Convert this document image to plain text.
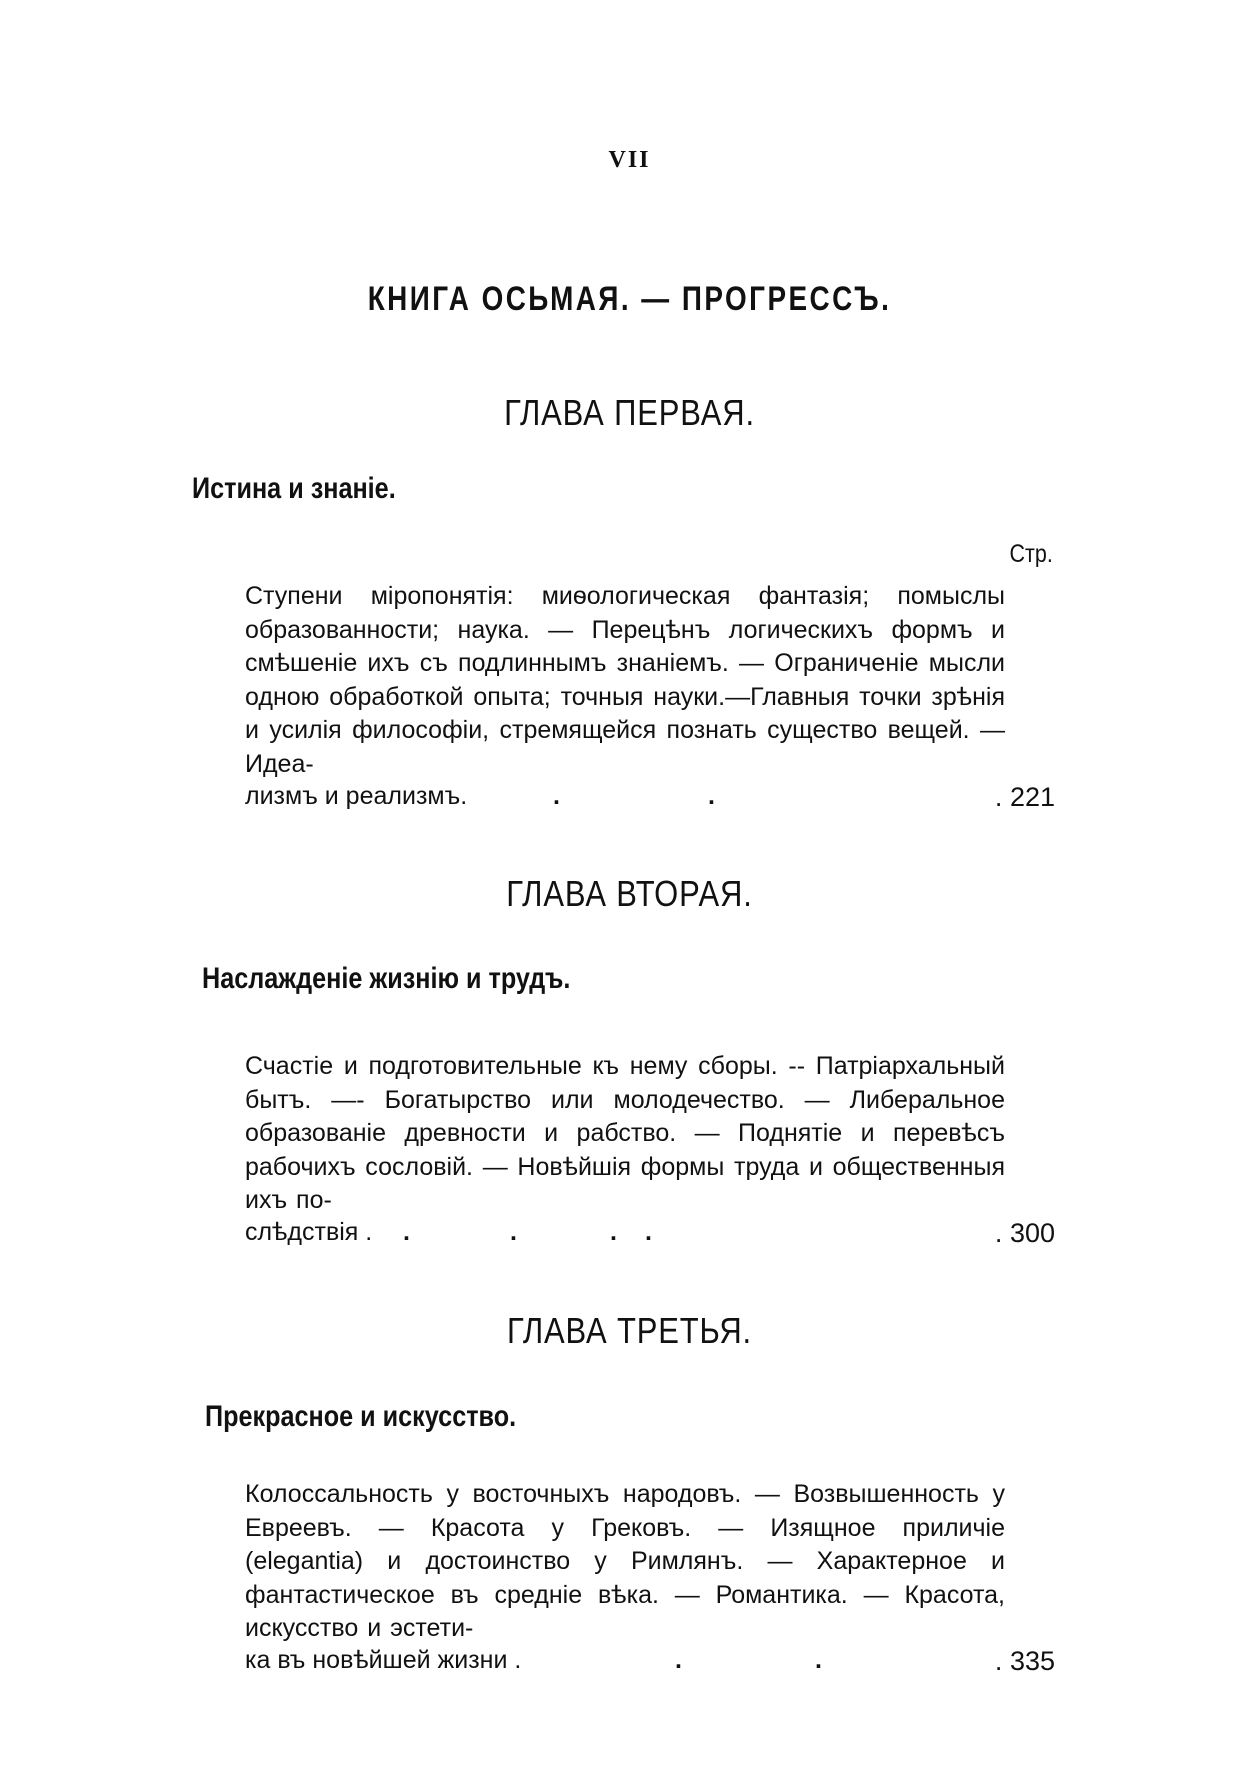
VII
КНИГА ОСЬМАЯ. — ПРОГРЕССЪ.
ГЛАВА ПЕРВАЯ.
Истина и знаніе.
Стр.
Ступени міропонятія: миѳологическая фантазія; помыслы образованности; наука. — Перецѣнъ логическихъ формъ и смѣшеніе ихъ съ подлиннымъ знаніемъ. — Ограниченіе мысли одною обработкой опыта; точныя науки.—Главныя точки зрѣнія и усилія философіи, стремящейся познать существо вещей. — Идеа-
лизмъ и реализмъ.	.	.	. 221
ГЛАВА ВТОРАЯ.
Наслажденіе жизнію и трудъ.
Счастіе и подготовительные къ нему сборы. -- Патріархальный бытъ. —- Богатырство или молодечество. — Либеральное образованіе древности и рабство. — Поднятіе и перевѣсъ рабочихъ сословій. — Новѣйшія формы труда и общественныя ихъ по-
слѣдствія . .	.	. .	. 300
ГЛАВА ТРЕТЬЯ.
Прекрасное и искусство.
Колоссальность у восточныхъ народовъ. — Возвышенность у Евреевъ. — Красота у Грековъ. — Изящное приличіе (elegantia) и достоинство у Римлянъ. — Характерное и фантастическое въ средніе вѣка. — Романтика. — Красота, искусство и эстети-
ка въ новѣйшей жизни .	.	.	. 335
